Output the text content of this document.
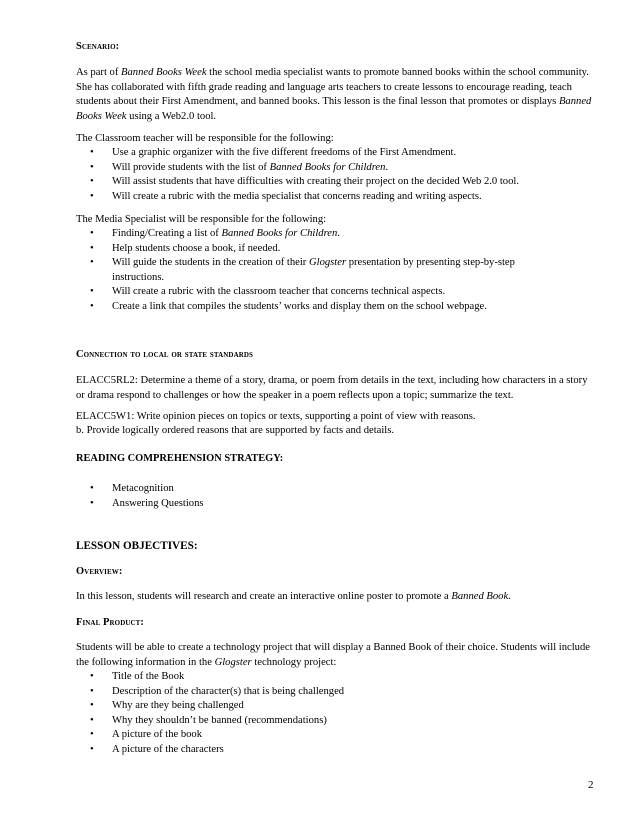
Scenario:

As part of Banned Books Week the school media specialist wants to promote banned books within the school community. She has collaborated with fifth grade reading and language arts teachers to create lessons to encourage reading, teach students about their First Amendment, and banned books. This lesson is the final lesson that promotes or displays Banned Books Week using a Web2.0 tool.

The Classroom teacher will be responsible for the following:

• Use a graphic organizer with the five different freedoms of the First Amendment.
• Will provide students with the list of Banned Books for Children.
• Will assist students that have difficulties with creating their project on the decided Web 2.0 tool.
• Will create a rubric with the media specialist that concerns reading and writing aspects.

The Media Specialist will be responsible for the following:

• Finding/Creating a list of Banned Books for Children.
• Help students choose a book, if needed.
• Will guide the students in the creation of their Glogster presentation by presenting step-by-step instructions.
• Will create a rubric with the classroom teacher that concerns technical aspects.
• Create a link that compiles the students’ works and display them on the school webpage.

Connection to local or state standards

ELACC5RL2: Determine a theme of a story, drama, or poem from details in the text, including how characters in a story or drama respond to challenges or how the speaker in a poem reflects upon a topic; summarize the text.

ELACC5W1: Write opinion pieces on topics or texts, supporting a point of view with reasons.

b. Provide logically ordered reasons that are supported by facts and details.

READING COMPREHENSION STRATEGY:

• Metacognition
• Answering Questions

LESSON OBJECTIVES:

Overview:

In this lesson, students will research and create an interactive online poster to promote a Banned Book.

Final Product:

Students will be able to create a technology project that will display a Banned Book of their choice. Students will include the following information in the Glogster technology project:

• Title of the Book
• Description of the character(s) that is being challenged
• Why are they being challenged
• Why they shouldn’t be banned (recommendations)
• A picture of the book
• A picture of the characters
2
